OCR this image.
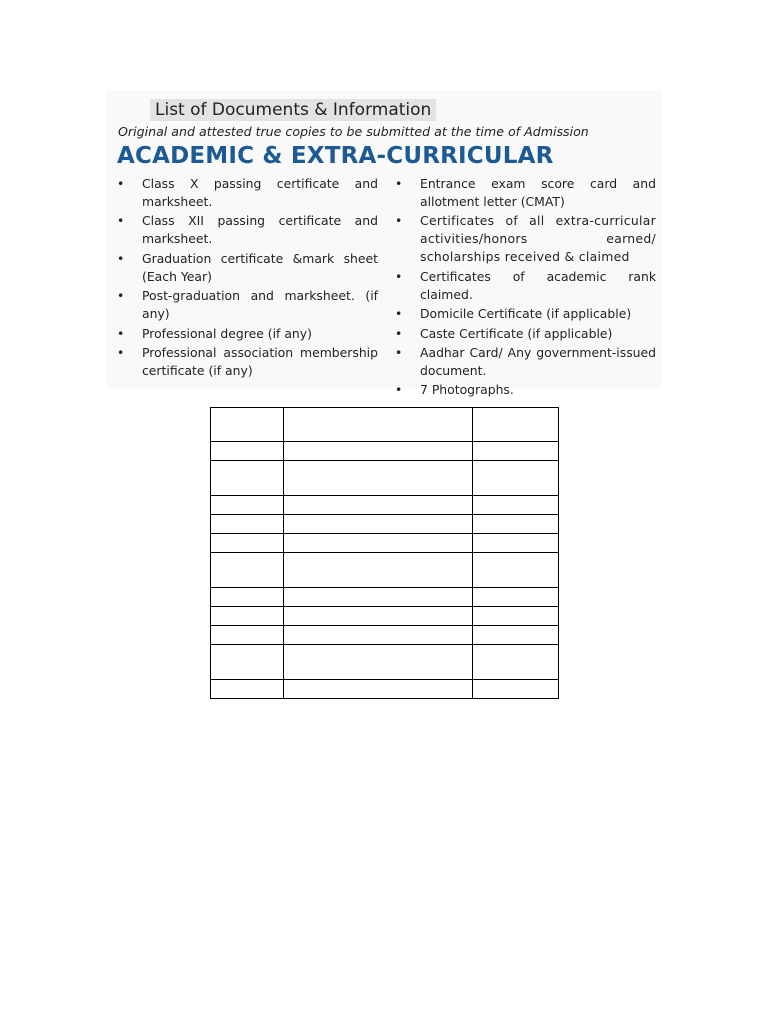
List of Documents & Information
Original and attested true copies to be submitted at the time of Admission
ACADEMIC & EXTRA-CURRICULAR
• Class X passing certificate and marksheet.
• Class XII passing certificate and marksheet.
• Graduation certificate &mark sheet (Each Year)
• Post-graduation and marksheet. (if any)
• Professional degree (if any)
• Professional association membership certificate (if any)
• Entrance exam score card and allotment letter (CMAT)
• Certificates of all extra-curricular activities/honors earned/ scholarships received & claimed
• Certificates of academic rank claimed.
• Domicile Certificate (if applicable)
• Caste Certificate (if applicable)
• Aadhar Card/ Any government-issued document.
• 7 Photographs.
